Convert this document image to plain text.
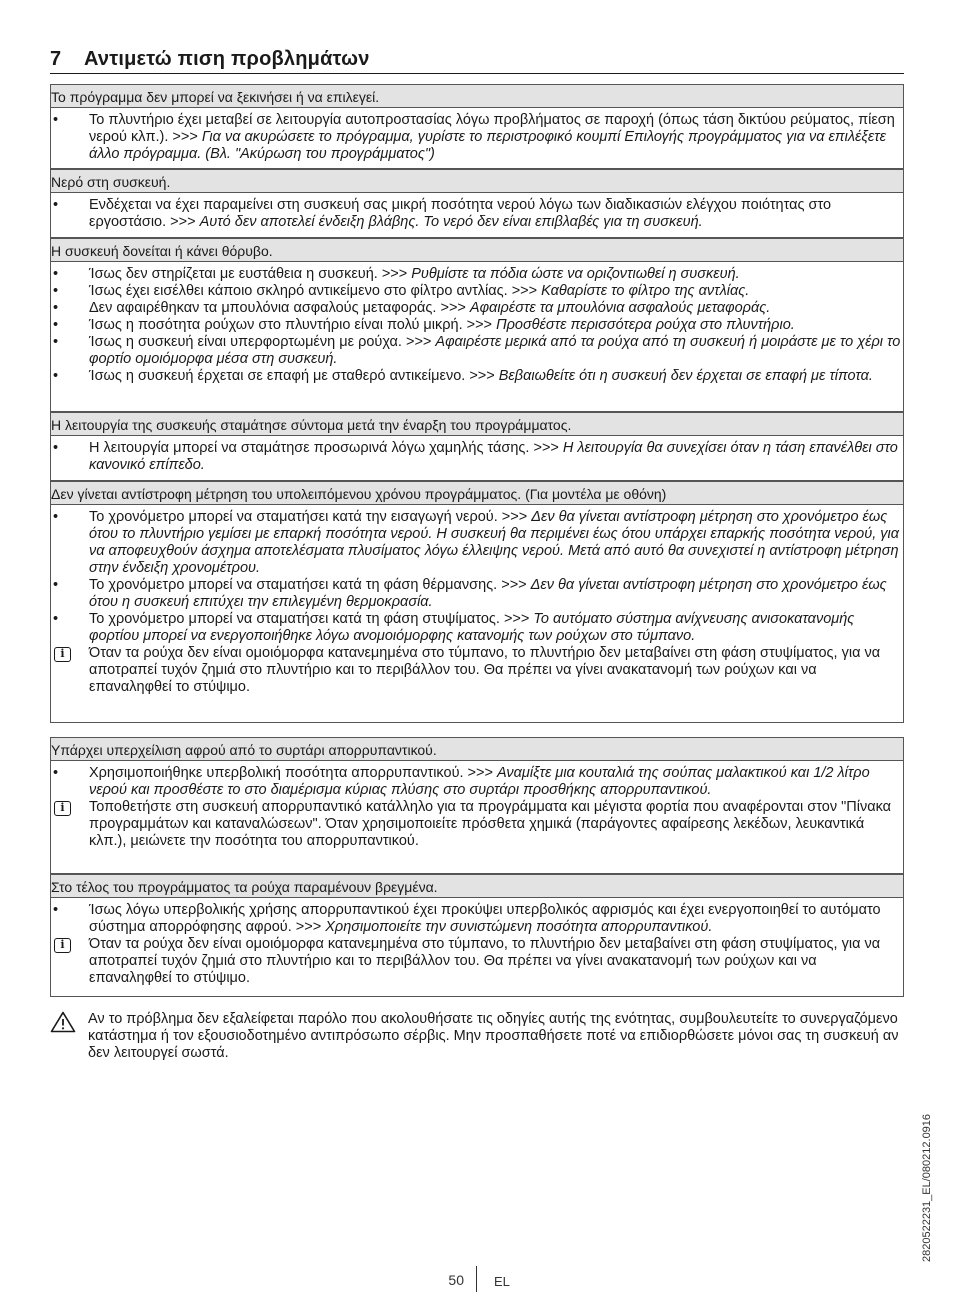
7 Αντιμετώ πιση προβλημάτων
Το πρόγραμμα δεν μπορεί να ξεκινήσει ή να επιλεγεί.
• Το πλυντήριο έχει μεταβεί σε λειτουργία αυτοπροστασίας λόγω προβλήματος σε παροχή (όπως τάση δικτύου ρεύματος, πίεση νερού κλπ.). >>> Για να ακυρώσετε το πρόγραμμα, γυρίστε το περιστροφικό κουμπί Επιλογής προγράμματος για να επιλέξετε άλλο πρόγραμμα. (Βλ. "Ακύρωση του προγράμματος")
Νερό στη συσκευή.
• Ενδέχεται να έχει παραμείνει στη συσκευή σας μικρή ποσότητα νερού λόγω των διαδικασιών ελέγχου ποιότητας στο εργοστάσιο. >>> Αυτό δεν αποτελεί ένδειξη βλάβης. Το νερό δεν είναι επιβλαβές για τη συσκευή.
Η συσκευή δονείται ή κάνει θόρυβο.
• Ίσως δεν στηρίζεται με ευστάθεια η συσκευή. >>> Ρυθμίστε τα πόδια ώστε να οριζοντιωθεί η συσκευή.
• Ίσως έχει εισέλθει κάποιο σκληρό αντικείμενο στο φίλτρο αντλίας. >>> Καθαρίστε το φίλτρο της αντλίας.
• Δεν αφαιρέθηκαν τα μπουλόνια ασφαλούς μεταφοράς. >>> Αφαιρέστε τα μπουλόνια ασφαλούς μεταφοράς.
• Ίσως η ποσότητα ρούχων στο πλυντήριο είναι πολύ μικρή. >>> Προσθέστε περισσότερα ρούχα στο πλυντήριο.
• Ίσως η συσκευή είναι υπερφορτωμένη με ρούχα. >>> Αφαιρέστε μερικά από τα ρούχα από τη συσκευή ή μοιράστε με το χέρι το φορτίο ομοιόμορφα μέσα στη συσκευή.
• Ίσως η συσκευή έρχεται σε επαφή με σταθερό αντικείμενο. >>> Βεβαιωθείτε ότι η συσκευή δεν έρχεται σε επαφή με τίποτα.
Η λειτουργία της συσκευής σταμάτησε σύντομα μετά την έναρξη του προγράμματος.
• Η λειτουργία μπορεί να σταμάτησε προσωρινά λόγω χαμηλής τάσης. >>> Η λειτουργία θα συνεχίσει όταν η τάση επανέλθει στο κανονικό επίπεδο.
Δεν γίνεται αντίστροφη μέτρηση του υπολειπόμενου χρόνου προγράμματος. (Για μοντέλα με οθόνη)
• Το χρονόμετρο μπορεί να σταματήσει κατά την εισαγωγή νερού. >>> Δεν θα γίνεται αντίστροφη μέτρηση στο χρονόμετρο έως ότου το πλυντήριο γεμίσει με επαρκή ποσότητα νερού. Η συσκευή θα περιμένει έως ότου υπάρχει επαρκής ποσότητα νερού, για να αποφευχθούν άσχημα αποτελέσματα πλυσίματος λόγω έλλειψης νερού. Μετά από αυτό θα συνεχιστεί η αντίστροφη μέτρηση στην ένδειξη χρονομέτρου.
• Το χρονόμετρο μπορεί να σταματήσει κατά τη φάση θέρμανσης. >>> Δεν θα γίνεται αντίστροφη μέτρηση στο χρονόμετρο έως ότου η συσκευή επιτύχει την επιλεγμένη θερμοκρασία.
• Το χρονόμετρο μπορεί να σταματήσει κατά τη φάση στυψίματος. >>> Το αυτόματο σύστημα ανίχνευσης ανισοκατανομής φορτίου μπορεί να ενεργοποιήθηκε λόγω ανομοιόμορφης κατανομής των ρούχων στο τύμπανο.
i	Όταν τα ρούχα δεν είναι ομοιόμορφα κατανεμημένα στο τύμπανο, το πλυντήριο δεν μεταβαίνει στη φάση στυψίματος, για να αποτραπεί τυχόν ζημιά στο πλυντήριο και το περιβάλλον του. Θα πρέπει να γίνει ανακατανομή των ρούχων και να επαναληφθεί το στύψιμο.
Υπάρχει υπερχείλιση αφρού από το συρτάρι απορρυπαντικού.
• Χρησιμοποιήθηκε υπερβολική ποσότητα απορρυπαντικού. >>> Αναμίξτε μια κουταλιά της σούπας μαλακτικού και 1/2 λίτρο νερού και προσθέστε το στο διαμέρισμα κύριας πλύσης στο συρτάρι προσθήκης απορρυπαντικού.
i	Τοποθετήστε στη συσκευή απορρυπαντικό κατάλληλο για τα προγράμματα και μέγιστα φορτία που αναφέρονται στον "Πίνακα προγραμμάτων και καταναλώσεων". Όταν χρησιμοποιείτε πρόσθετα χημικά (παράγοντες αφαίρεσης λεκέδων, λευκαντικά κλπ.), μειώνετε την ποσότητα του απορρυπαντικού.
Στο τέλος του προγράμματος τα ρούχα παραμένουν βρεγμένα.
• Ίσως λόγω υπερβολικής χρήσης απορρυπαντικού έχει προκύψει υπερβολικός αφρισμός και έχει ενεργοποιηθεί το αυτόματο σύστημα απορρόφησης αφρού. >>> Χρησιμοποιείτε την συνιστώμενη ποσότητα απορρυπαντικού.
i	Όταν τα ρούχα δεν είναι ομοιόμορφα κατανεμημένα στο τύμπανο, το πλυντήριο δεν μεταβαίνει στη φάση στυψίματος, για να αποτραπεί τυχόν ζημιά στο πλυντήριο και το περιβάλλον του. Θα πρέπει να γίνει ανακατανομή των ρούχων και να επαναληφθεί το στύψιμο.
Αν το πρόβλημα δεν εξαλείφεται παρόλο που ακολουθήσατε τις οδηγίες αυτής της ενότητας, συμβουλευτείτε το συνεργαζόμενο κατάστημα ή τον εξουσιοδοτημένο αντιπρόσωπο σέρβις. Μην προσπαθήσετε ποτέ να επιδιορθώσετε μόνοι σας τη συσκευή αν δεν λειτουργεί σωστά.
2820522231_EL/080212.0916
50 EL
